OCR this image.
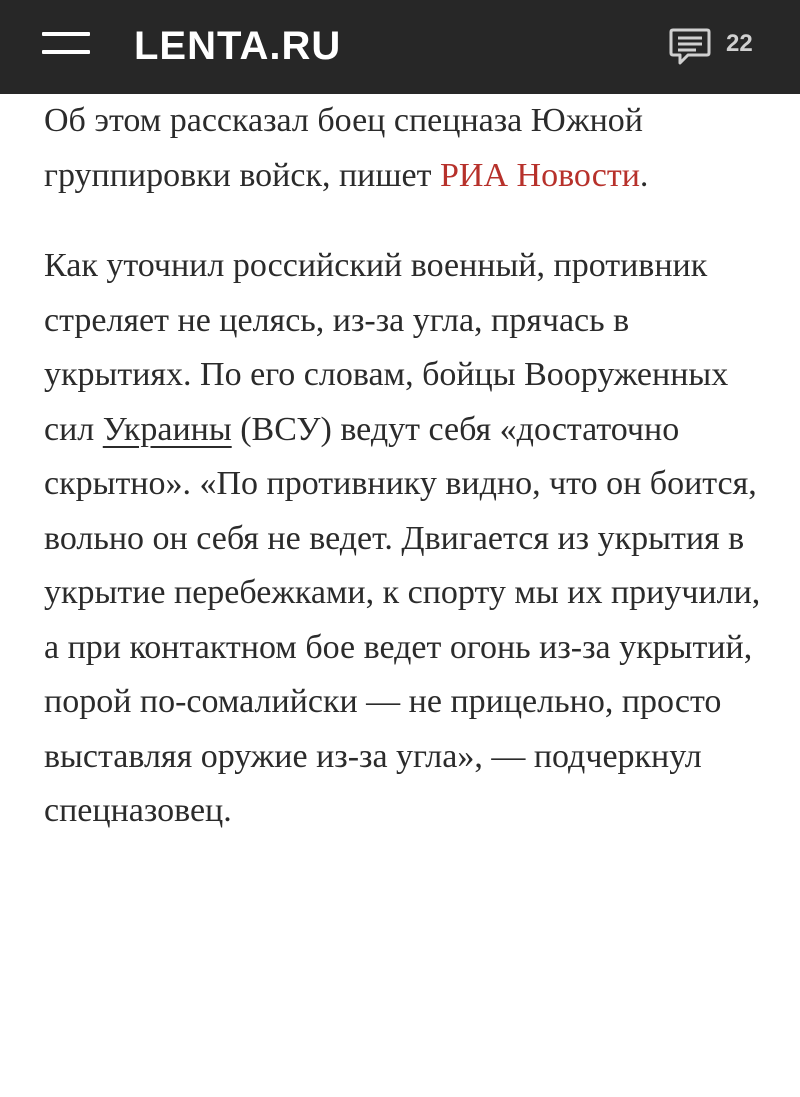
LENTA.RU	22

Об этом рассказал боец спецназа Южной группировки войск, пишет РИА Новости.

Как уточнил российский военный, противник стреляет не целясь, из-за угла, прячась в укрытиях. По его словам, бойцы Вооруженных сил Украины (ВСУ) ведут себя «достаточно скрытно». «По противнику видно, что он боится, вольно он себя не ведет. Двигается из укрытия в укрытие перебежками, к спорту мы их приучили, а при контактном бое ведет огонь из-за укрытий, порой по-сомалийски — не прицельно, просто выставляя оружие из-за угла», — подчеркнул спецназовец.
